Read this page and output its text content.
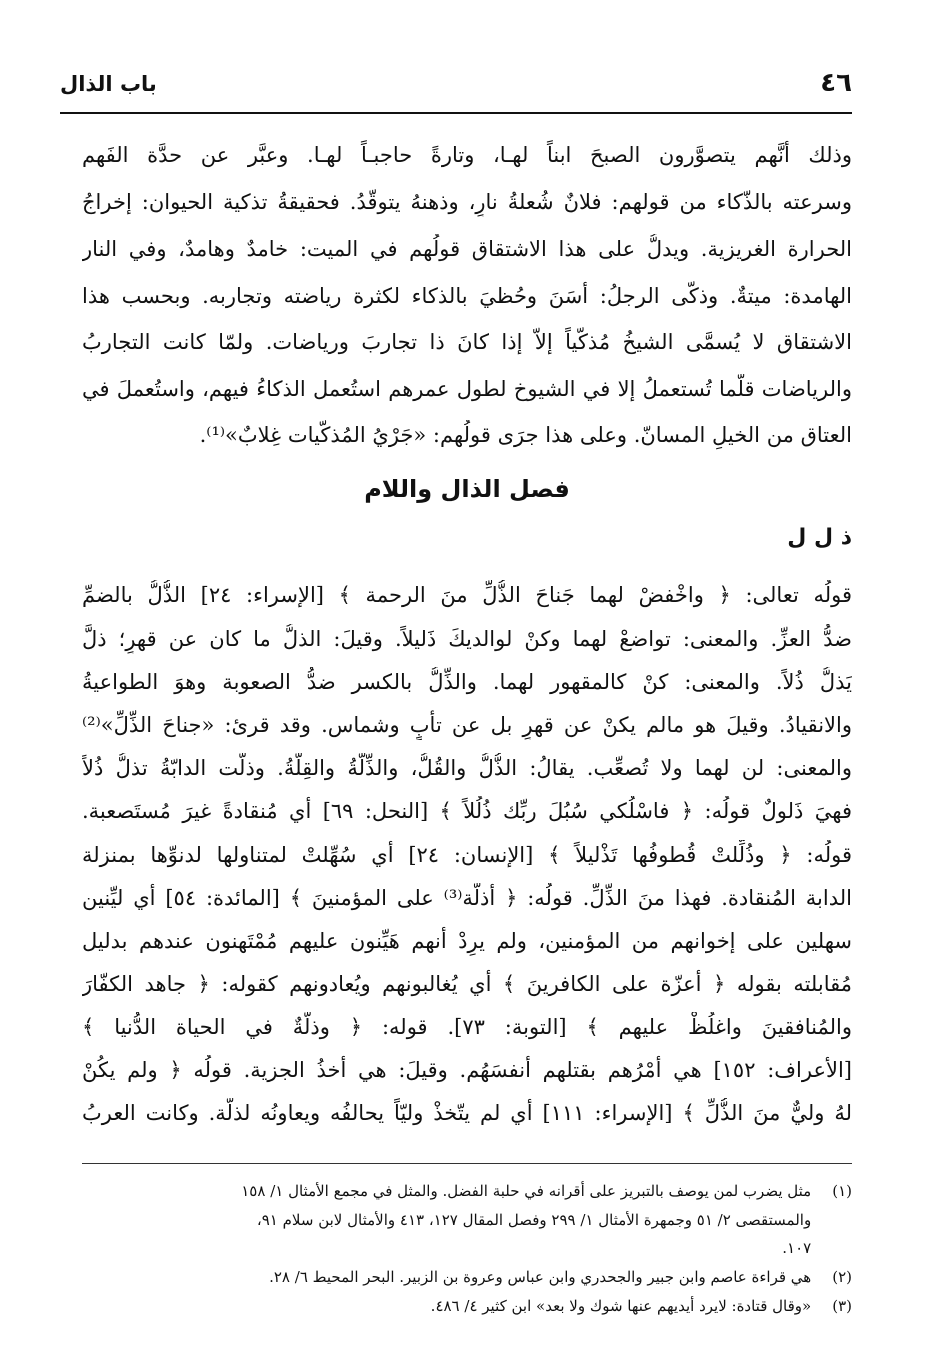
٤٦
باب الذال
وذلك أنَّهم يتصوَّرون الصبحَ ابناً لهـا، وتارةً حاجبـاً لهـا. وعبَّر عن حدَّة الفَهم
وسرعته بالذّكاء من قولهم: فلانٌ شُعلةُ نارٍ، وذهنهُ يتوقّدُ. فحقيقةُ تذكية الحيوان: إخراجُ
الحرارة الغريزية. ويدلُّ على هذا الاشتقاق قولُهم في الميت: خامدٌ وهامدٌ، وفي النار
الهامدة: ميتةٌ. وذكّى الرجلُ: أسَنَ وحُظيَ بالذكاء لكثرة رياضته وتجاربه. وبحسب هذا
الاشتقاق لا يُسمَّى الشيخُ مُذكّياً إلاّ إذا كانَ ذا تجاربَ ورياضات. ولمّا كانت التجاربُ
والرياضات قلَّما تُستعملُ إلا في الشيوخ لطول عمرهم استُعمل الذكاءُ فيهم، واستُعملَ في
العتاق من الخيلِ المسانّ. وعلى هذا جرَى قولُهم: «جَرْيُ المُذكّيات غِلابٌ»⁽¹⁾.
فصل الذال واللام
ذ ل ل
قولُه تعالى: ﴿ واخْفضْ لهما جَناحَ الذُّلِّ منَ الرحمة ﴾ [الإسراء: ٢٤] الذُّلُّ بالضمِّ
ضدُّ العزِّ. والمعنى: تواضعْ لهما وكنْ لوالديكَ ذَليلاً. وقيلَ: الذلُّ ما كان عن قهرٍ؛ ذلَّ
يَذلُّ ذُلاً. والمعنى: كنْ كالمقهور لهما. والذِّلُّ بالكسر ضدُّ الصعوبة وهوَ الطواعيةُ
والانقيادُ. وقيلَ هو مالم يكنْ عن قهرٍ بل عن تأبٍ وشماس. وقد قرئ: «جناحَ الذِّلِّ»⁽²⁾
والمعنى: لن لهما ولا تُصعِّب. يقالُ: الذُّلُّ والقُلُّ، والذِّلّةُ والقِلّةُ. وذلّت الدابّةُ تذلُّ ذُلاً
فهيَ ذَلولٌ قولُه: ﴿ فاسْلُكي سُبُلَ ربِّك ذُلُلاً ﴾ [النحل: ٦٩] أي مُنقادةً غيرَ مُستَصعبة.
قولُه: ﴿ وذُلِّلتْ قُطوفُها تَذْليلاً ﴾ [الإنسان: ٢٤] أي سُهِّلتْ لمتناولها لدنوِّها بمنزلة
الدابة المُنقادة. فهذا منَ الذِّلِّ. قولُه: ﴿ أذلّة⁽³⁾ على المؤمنينَ ﴾ [المائدة: ٥٤] أي ليِّنين
سهلين على إخوانهم من المؤمنين، ولم يرِدْ أنهم هَيِّنون عليهم مُمْتَهنون عندهم بدليل
مُقابلته بقوله ﴿ أعزّة على الكافرينَ ﴾ أي يُغالبونهم ويُعادونهم كقوله: ﴿ جاهد الكفّارَ
والمُنافقينَ واغلُظْ عليهم ﴾ [التوبة: ٧٣]. قوله: ﴿ وذلّةٌ في الحياة الدُّنيا ﴾
[الأعراف: ١٥٢] هي أمْرُهم بقتلهم أنفسَهُم. وقيلَ: هي أخذُ الجزية. قولُه ﴿ ولم يكُنْ
لهُ وليٌّ منَ الذُّلِّ ﴾ [الإسراء: ١١١] أي لم يتّخذْ وليّاً يحالفُه ويعاونُه لذلّة. وكانت العربُ
(١) مثل يضرب لمن يوصف بالتبريز على أقرانه في حلبة الفضل. والمثل في مجمع الأمثال ١/ ١٥٨
والمستقصى ٢/ ٥١ وجمهرة الأمثال ١/ ٢٩٩ وفصل المقال ١٢٧، ٤١٣ والأمثال لابن سلام ٩١،
١٠٧.
(٢) هي قراءة عاصم وابن جبير والجحدري وابن عباس وعروة بن الزبير. البحر المحيط ٦/ ٢٨.
(٣) «وقال قتادة: لايرد أيديهم عنها شوك ولا بعد» ابن كثير ٤/ ٤٨٦.
